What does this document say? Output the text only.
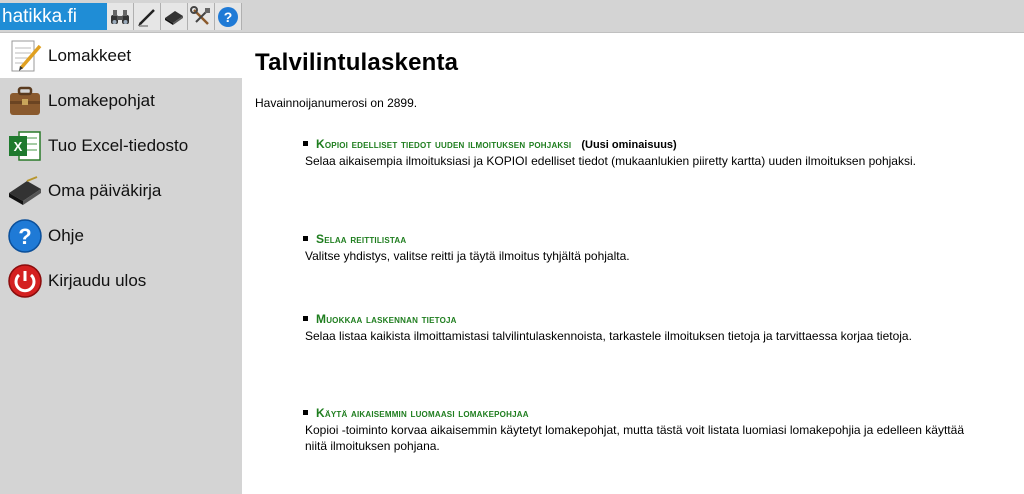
hatikka.fi	?
Lomakkeet
Lomakepohjat
X Tuo Excel-tiedosto
Oma päiväkirja
? Ohje
Kirjaudu ulos
Talvilintulaskenta
Havainnoijanumerosi on 2899.
Kopioi edelliset tiedot uuden ilmoituksen pohjaksi (Uusi ominaisuus)
Selaa aikaisempia ilmoituksiasi ja KOPIOI edelliset tiedot (mukaanlukien piiretty kartta) uuden ilmoituksen pohjaksi.
Selaa reittilistaa
Valitse yhdistys, valitse reitti ja täytä ilmoitus tyhjältä pohjalta.
Muokkaa laskennan tietoja
Selaa listaa kaikista ilmoittamistasi talvilintulaskennoista, tarkastele ilmoituksen tietoja ja tarvittaessa korjaa tietoja.
Käytä aikaisemmin luomaasi lomakepohjaa
Kopioi -toiminto korvaa aikaisemmin käytetyt lomakepohjat, mutta tästä voit listata luomiasi lomakepohjia ja edelleen käyttää niitä ilmoituksen pohjana.
